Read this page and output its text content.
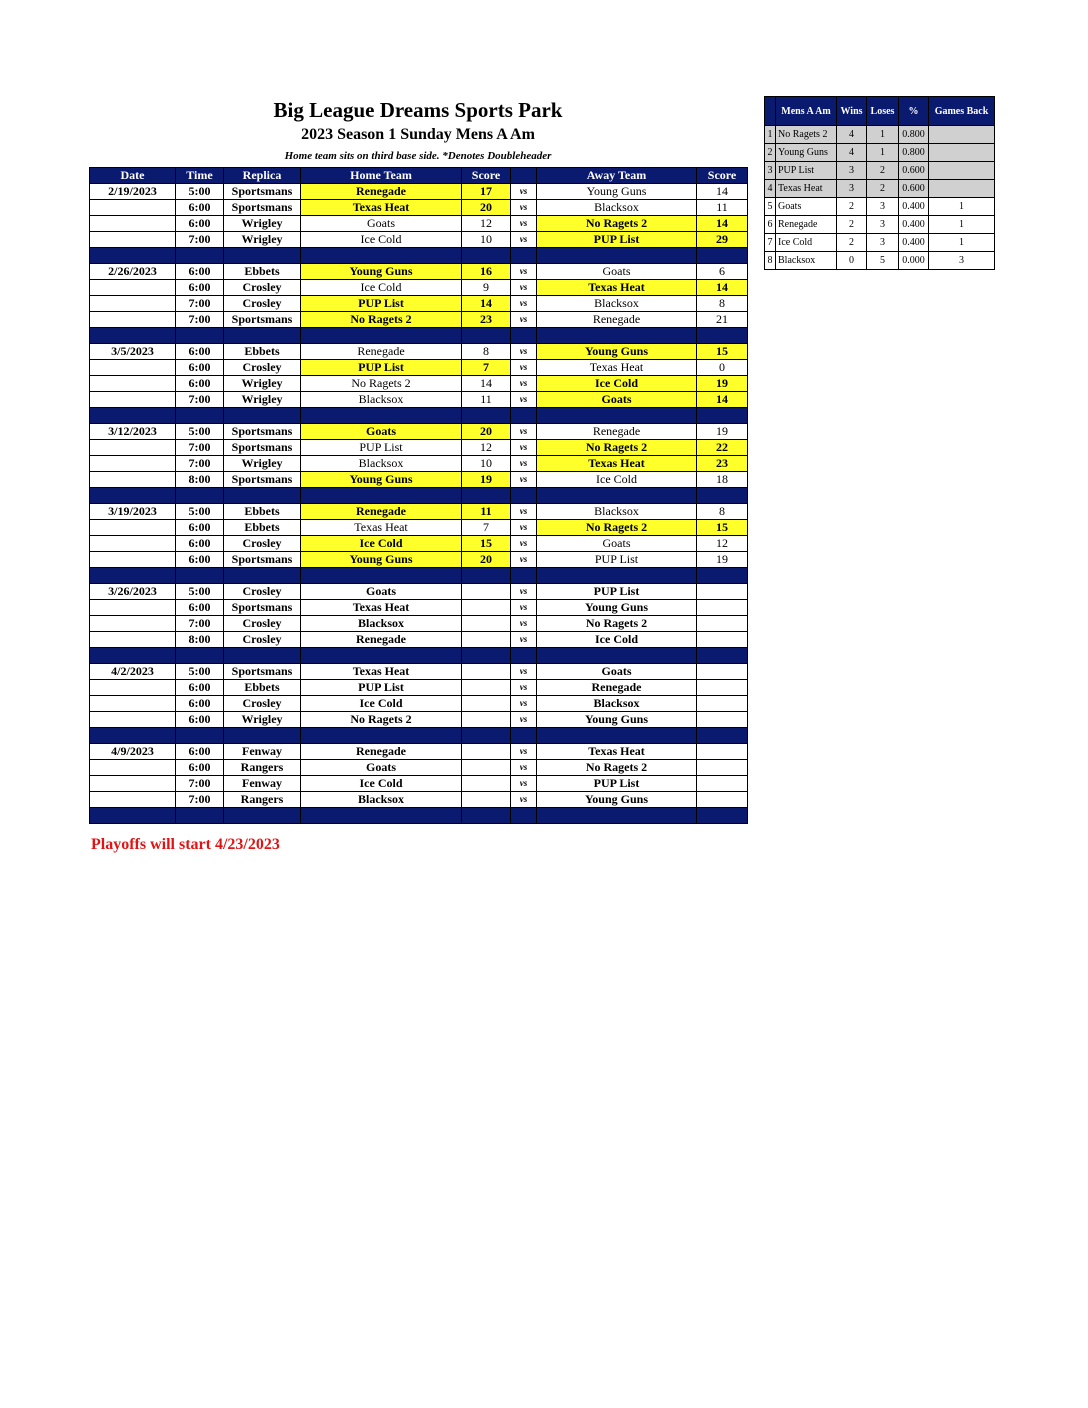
Big League Dreams Sports Park
2023 Season 1 Sunday Mens A Am
Home team sits on third base side. *Denotes Doubleheader
Date	Time	Replica	Home Team	Score		Away Team	Score
2/19/2023	5:00	Sportsmans	Renegade	17	vs	Young Guns	14
	6:00	Sportsmans	Texas Heat	20	vs	Blacksox	11
	6:00	Wrigley	Goats	12	vs	No Ragets 2	14
	7:00	Wrigley	Ice Cold	10	vs	PUP List	29

2/26/2023	6:00	Ebbets	Young Guns	16	vs	Goats	6
	6:00	Crosley	Ice Cold	9	vs	Texas Heat	14
	7:00	Crosley	PUP List	14	vs	Blacksox	8
	7:00	Sportsmans	No Ragets 2	23	vs	Renegade	21

3/5/2023	6:00	Ebbets	Renegade	8	vs	Young Guns	15
	6:00	Crosley	PUP List	7	vs	Texas Heat	0
	6:00	Wrigley	No Ragets 2	14	vs	Ice Cold	19
	7:00	Wrigley	Blacksox	11	vs	Goats	14

3/12/2023	5:00	Sportsmans	Goats	20	vs	Renegade	19
	7:00	Sportsmans	PUP List	12	vs	No Ragets 2	22
	7:00	Wrigley	Blacksox	10	vs	Texas Heat	23
	8:00	Sportsmans	Young Guns	19	vs	Ice Cold	18

3/19/2023	5:00	Ebbets	Renegade	11	vs	Blacksox	8
	6:00	Ebbets	Texas Heat	7	vs	No Ragets 2	15
	6:00	Crosley	Ice Cold	15	vs	Goats	12
	6:00	Sportsmans	Young Guns	20	vs	PUP List	19

3/26/2023	5:00	Crosley	Goats		vs	PUP List	
	6:00	Sportsmans	Texas Heat		vs	Young Guns	
	7:00	Crosley	Blacksox		vs	No Ragets 2	
	8:00	Crosley	Renegade		vs	Ice Cold	

4/2/2023	5:00	Sportsmans	Texas Heat		vs	Goats	
	6:00	Ebbets	PUP List		vs	Renegade	
	6:00	Crosley	Ice Cold		vs	Blacksox	
	6:00	Wrigley	No Ragets 2		vs	Young Guns	

4/9/2023	6:00	Fenway	Renegade		vs	Texas Heat	
	6:00	Rangers	Goats		vs	No Ragets 2	
	7:00	Fenway	Ice Cold		vs	PUP List	
	7:00	Rangers	Blacksox		vs	Young Guns	

	Mens A Am	Wins	Loses	%	Games Back
1	No Ragets 2	4	1	0.800	
2	Young Guns	4	1	0.800	
3	PUP List	3	2	0.600	
4	Texas Heat	3	2	0.600	
5	Goats	2	3	0.400	1
6	Renegade	2	3	0.400	1
7	Ice Cold	2	3	0.400	1
8	Blacksox	0	5	0.000	3
Playoffs will start 4/23/2023
